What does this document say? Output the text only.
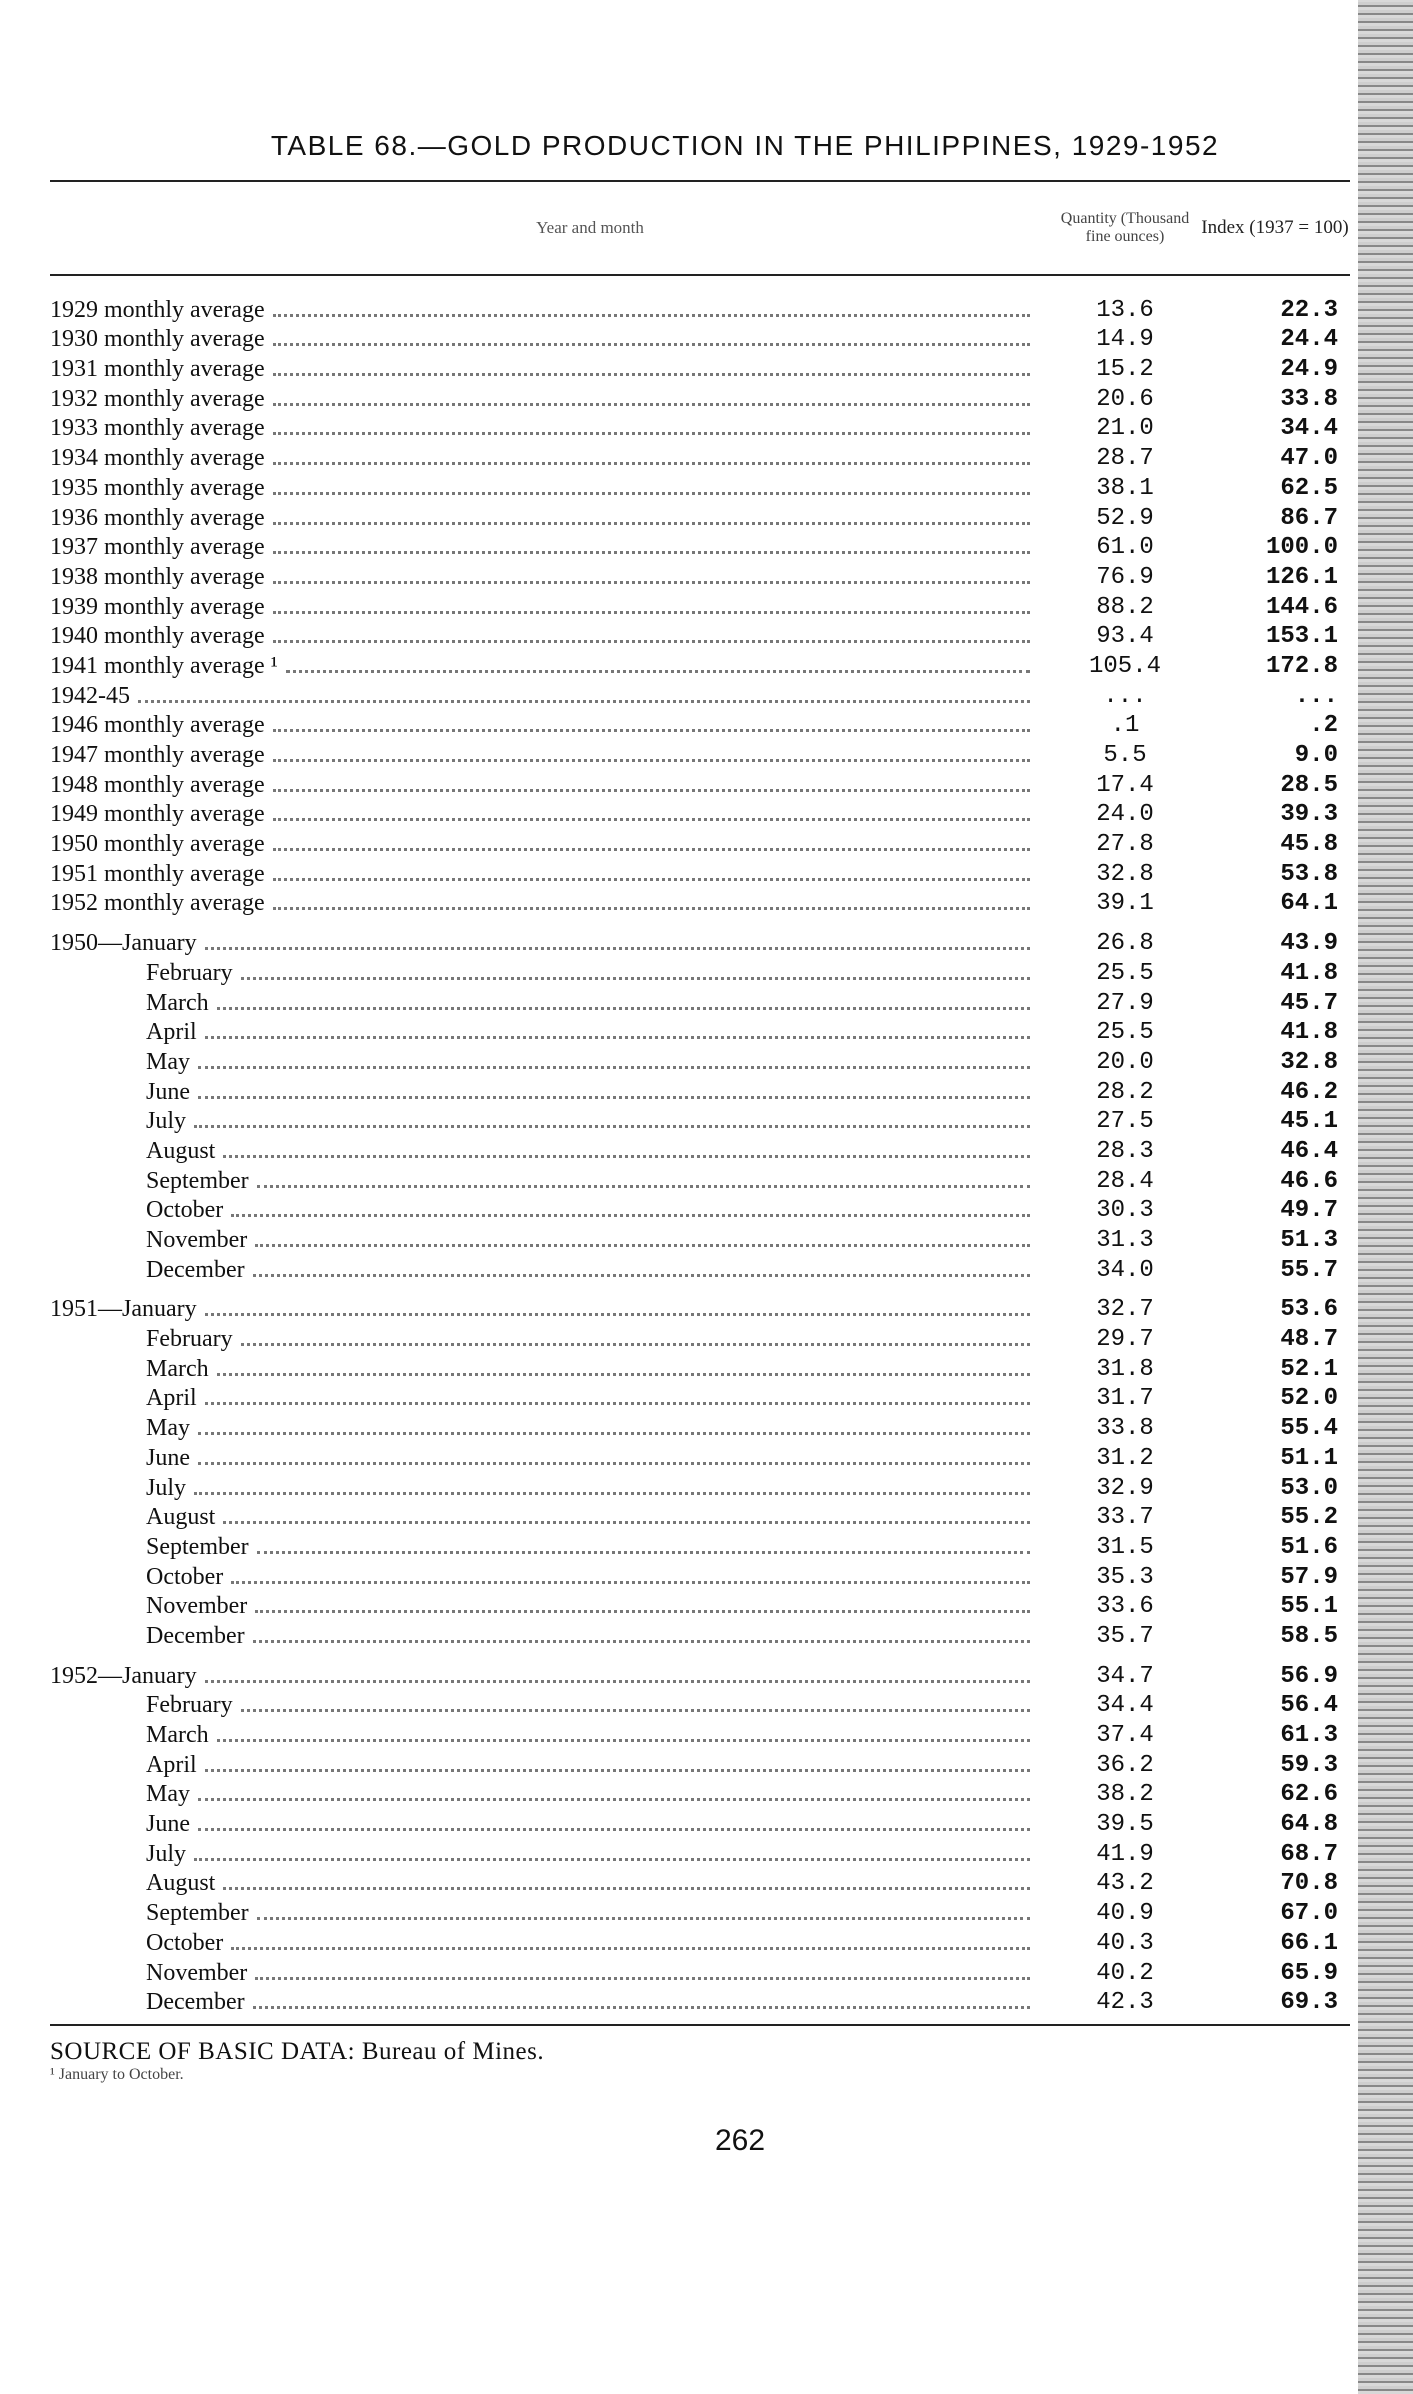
TABLE 68.—GOLD PRODUCTION IN THE PHILIPPINES, 1929-1952
Year and month	Quantity (Thousand fine ounces)	Index (1937 = 100)
1929 monthly average	13.6	22.3
1930 monthly average	14.9	24.4
1931 monthly average	15.2	24.9
1932 monthly average	20.6	33.8
1933 monthly average	21.0	34.4
1934 monthly average	28.7	47.0
1935 monthly average	38.1	62.5
1936 monthly average	52.9	86.7
1937 monthly average	61.0	100.0
1938 monthly average	76.9	126.1
1939 monthly average	88.2	144.6
1940 monthly average	93.4	153.1
1941 monthly average ¹	105.4	172.8
1942-45	...	...
1946 monthly average	.1	.2
1947 monthly average	5.5	9.0
1948 monthly average	17.4	28.5
1949 monthly average	24.0	39.3
1950 monthly average	27.8	45.8
1951 monthly average	32.8	53.8
1952 monthly average	39.1	64.1
1950—January	26.8	43.9
February	25.5	41.8
March	27.9	45.7
April	25.5	41.8
May	20.0	32.8
June	28.2	46.2
July	27.5	45.1
August	28.3	46.4
September	28.4	46.6
October	30.3	49.7
November	31.3	51.3
December	34.0	55.7
1951—January	32.7	53.6
February	29.7	48.7
March	31.8	52.1
April	31.7	52.0
May	33.8	55.4
June	31.2	51.1
July	32.9	53.0
August	33.7	55.2
September	31.5	51.6
October	35.3	57.9
November	33.6	55.1
December	35.7	58.5
1952—January	34.7	56.9
February	34.4	56.4
March	37.4	61.3
April	36.2	59.3
May	38.2	62.6
June	39.5	64.8
July	41.9	68.7
August	43.2	70.8
September	40.9	67.0
October	40.3	66.1
November	40.2	65.9
December	42.3	69.3
SOURCE OF BASIC DATA: Bureau of Mines.
¹ January to October.
262
